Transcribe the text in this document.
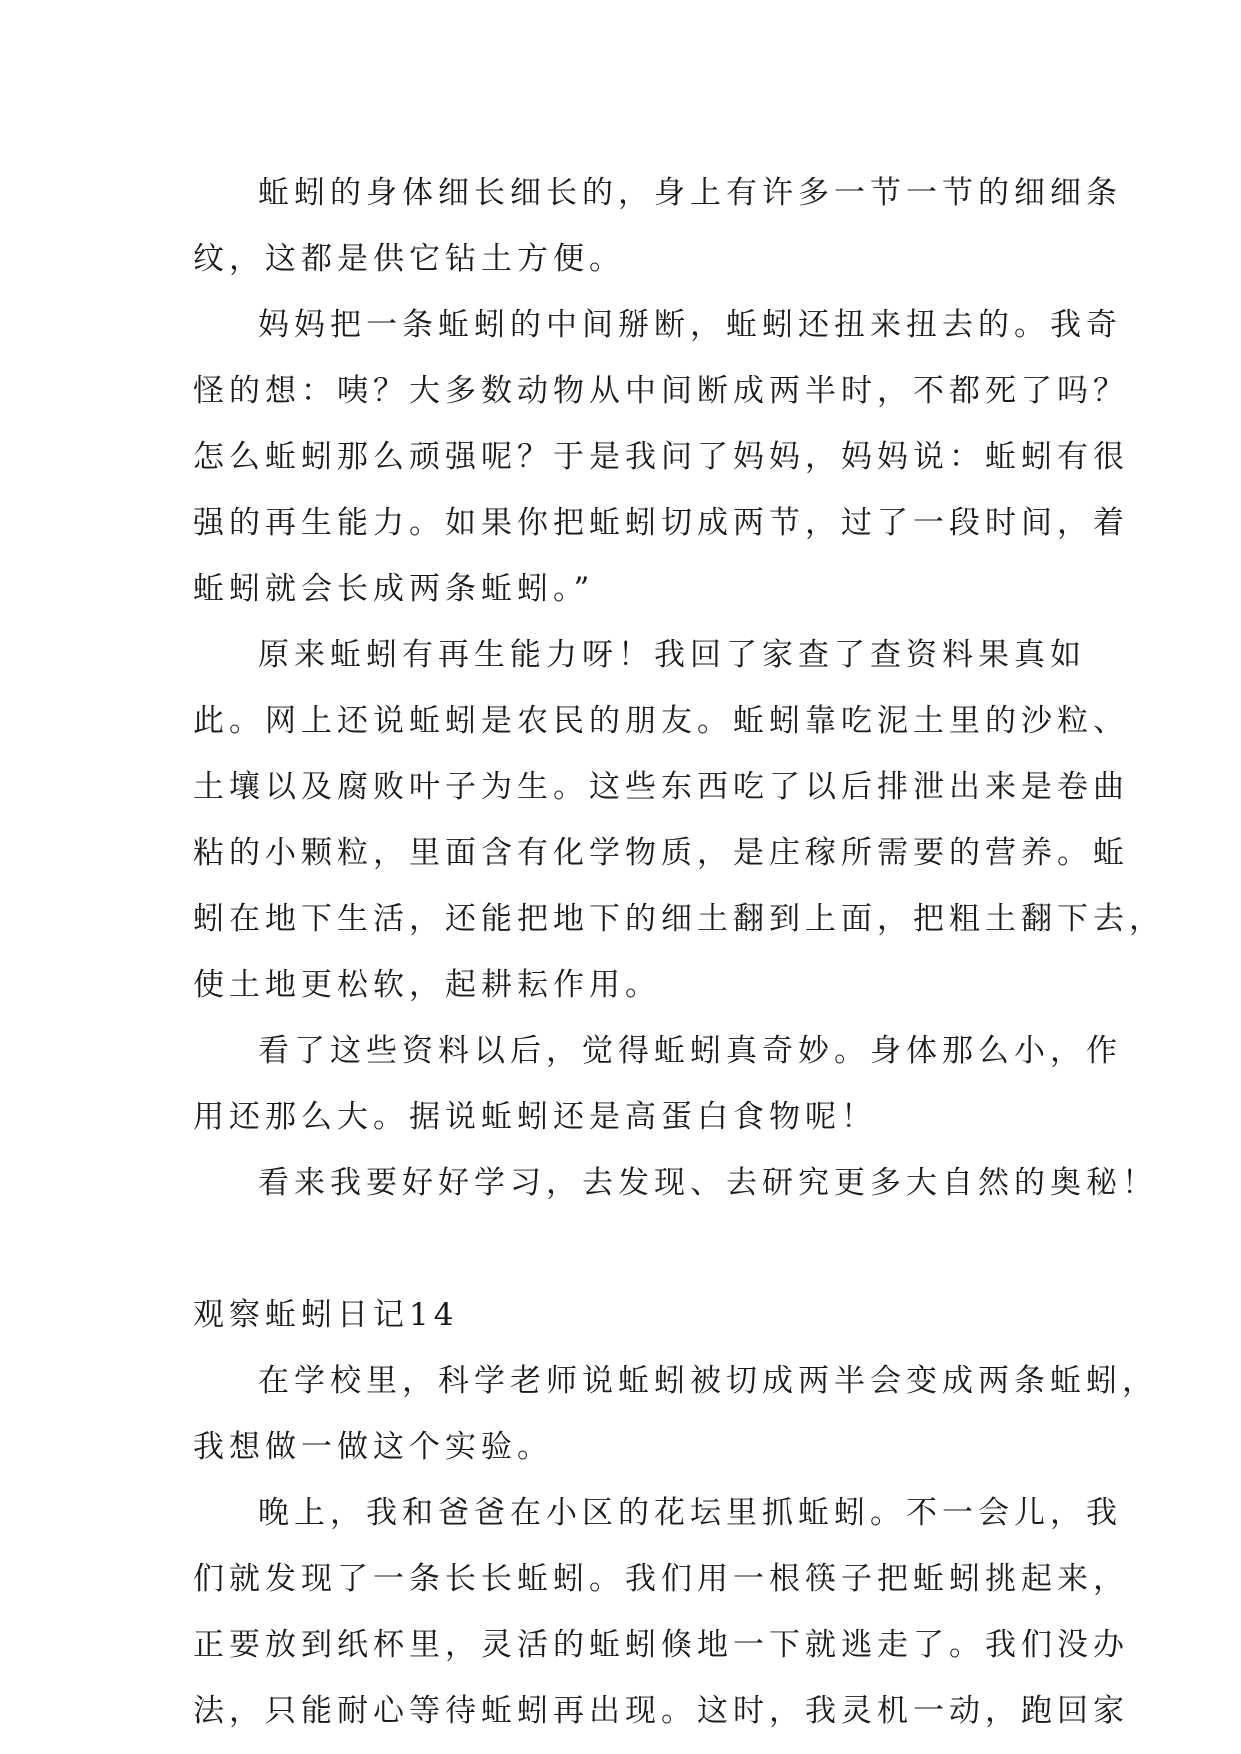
蚯蚓的身体细长细长的，身上有许多一节一节的细细条
纹，这都是供它钻土方便。
妈妈把一条蚯蚓的中间掰断，蚯蚓还扭来扭去的。我奇
怪的想：咦？大多数动物从中间断成两半时，不都死了吗？
怎么蚯蚓那么顽强呢？于是我问了妈妈，妈妈说：蚯蚓有很
强的再生能力。如果你把蚯蚓切成两节，过了一段时间，着
蚯蚓就会长成两条蚯蚓。”
原来蚯蚓有再生能力呀！我回了家查了查资料果真如
此。网上还说蚯蚓是农民的朋友。蚯蚓靠吃泥土里的沙粒、
土壤以及腐败叶子为生。这些东西吃了以后排泄出来是卷曲
粘的小颗粒，里面含有化学物质，是庄稼所需要的营养。蚯
蚓在地下生活，还能把地下的细土翻到上面，把粗土翻下去，
使土地更松软，起耕耘作用。
看了这些资料以后，觉得蚯蚓真奇妙。身体那么小，作
用还那么大。据说蚯蚓还是高蛋白食物呢！
看来我要好好学习，去发现、去研究更多大自然的奥秘！
观察蚯蚓日记14
在学校里，科学老师说蚯蚓被切成两半会变成两条蚯蚓，
我想做一做这个实验。
晚上，我和爸爸在小区的花坛里抓蚯蚓。不一会儿，我
们就发现了一条长长蚯蚓。我们用一根筷子把蚯蚓挑起来，
正要放到纸杯里，灵活的蚯蚓倏地一下就逃走了。我们没办
法，只能耐心等待蚯蚓再出现。这时，我灵机一动，跑回家
